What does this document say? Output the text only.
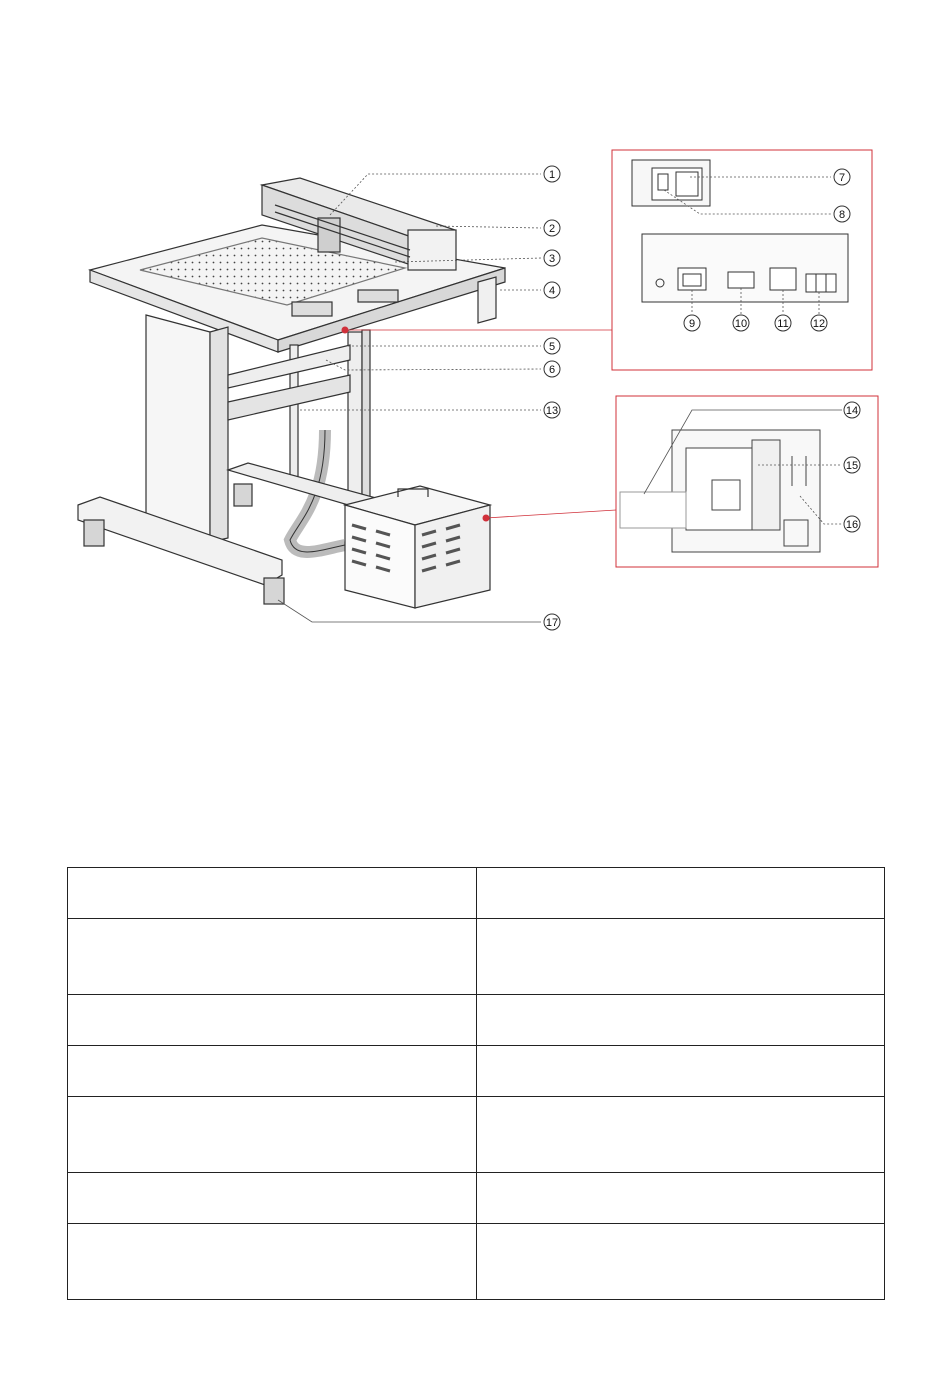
1
2
3
4
5
6
13
17
7
8
9	10	11 12
14
15
16
